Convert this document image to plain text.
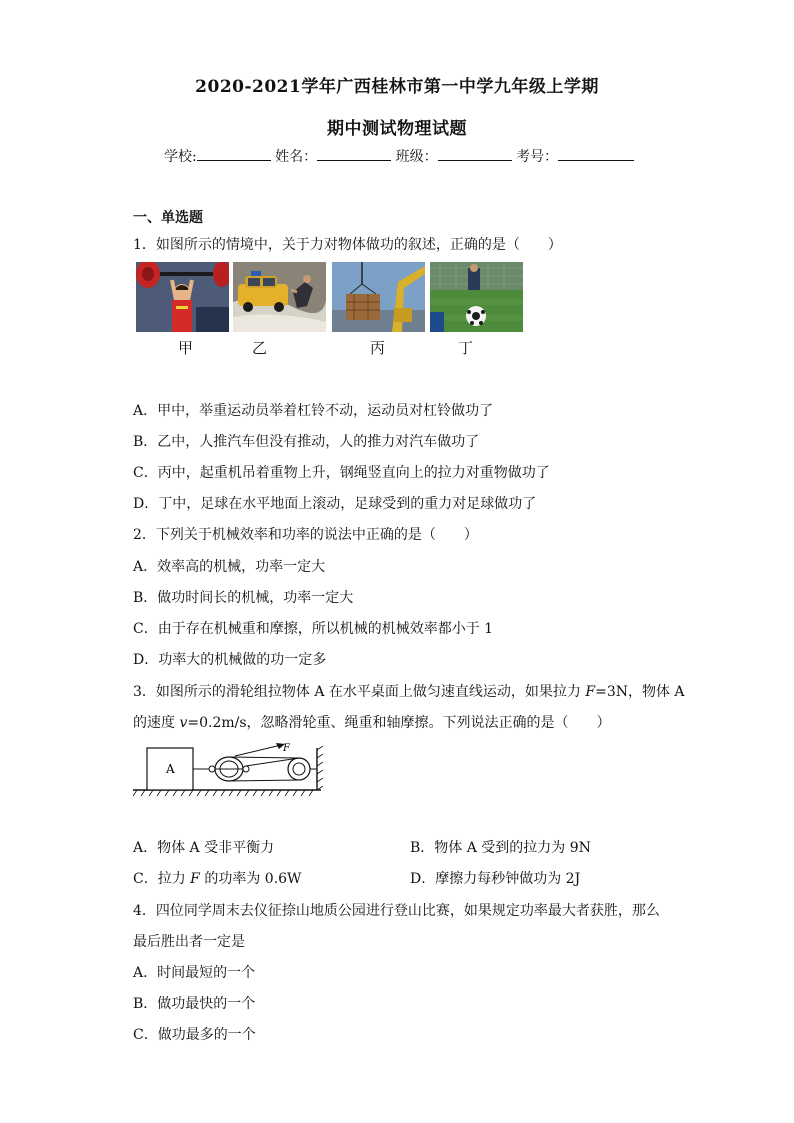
2020-2021学年广西桂林市第一中学九年级上学期
期中测试物理试题
学校:	姓名：	班级：	考号：
一、单选题
1．如图所示的情境中，关于力对物体做功的叙述，正确的是（　　）
甲	乙	丙	丁
A．甲中，举重运动员举着杠铃不动，运动员对杠铃做功了
B．乙中，人推汽车但没有推动，人的推力对汽车做功了
C．丙中，起重机吊着重物上升，钢绳竖直向上的拉力对重物做功了
D．丁中，足球在水平地面上滚动，足球受到的重力对足球做功了
2．下列关于机械效率和功率的说法中正确的是（　　）
A．效率高的机械，功率一定大
B．做功时间长的机械，功率一定大
C．由于存在机械重和摩擦，所以机械的机械效率都小于 1
D．功率大的机械做的功一定多
3．如图所示的滑轮组拉物体 A 在水平桌面上做匀速直线运动，如果拉力 F=3N，物体 A
的速度 v=0.2m/s，忽略滑轮重、绳重和轴摩擦。下列说法正确的是（　　）
A
F
A．物体 A 受非平衡力	B．物体 A 受到的拉力为 9N
C．拉力 F 的功率为 0.6W	D．摩擦力每秒钟做功为 2J
4．四位同学周末去仪征捺山地质公园进行登山比赛，如果规定功率最大者获胜，那么
最后胜出者一定是
A．时间最短的一个
B．做功最快的一个
C．做功最多的一个
